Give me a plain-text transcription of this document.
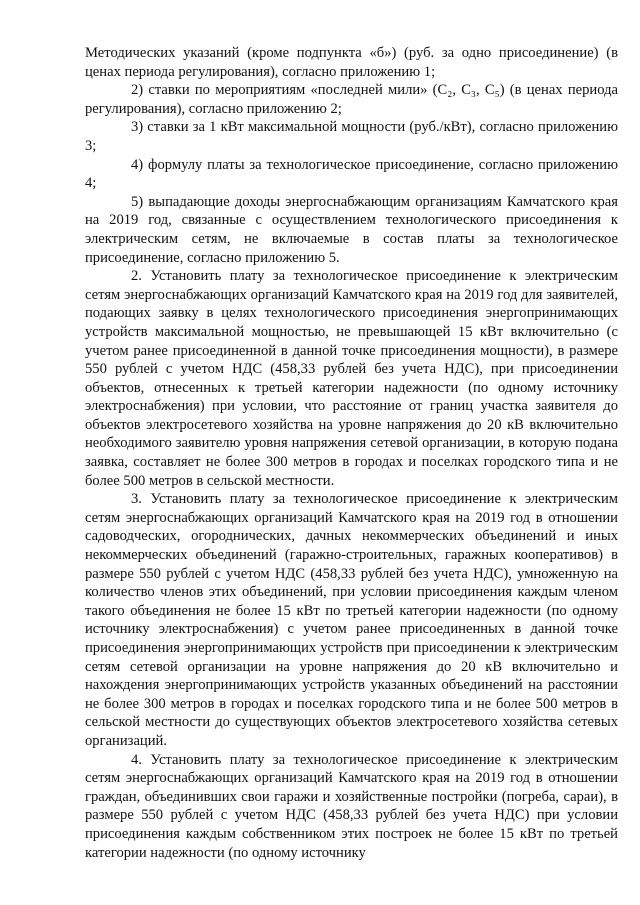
Методических указаний (кроме подпункта «б») (руб. за одно присоединение) (в ценах периода регулирования), согласно приложению 1;

2) ставки по мероприятиям «последней мили» (C₂, C₃, C₅) (в ценах периода регулирования), согласно приложению 2;

3) ставки за 1 кВт максимальной мощности (руб./кВт), согласно приложению 3;

4) формулу платы за технологическое присоединение, согласно приложению 4;

5) выпадающие доходы энергоснабжающим организациям Камчатского края на 2019 год, связанные с осуществлением технологического присоединения к электрическим сетям, не включаемые в состав платы за технологическое присоединение, согласно приложению 5.

2. Установить плату за технологическое присоединение к электрическим сетям энергоснабжающих организаций Камчатского края на 2019 год для заявителей, подающих заявку в целях технологического присоединения энергопринимающих устройств максимальной мощностью, не превышающей 15 кВт включительно (с учетом ранее присоединенной в данной точке присоединения мощности), в размере 550 рублей с учетом НДС (458,33 рублей без учета НДС), при присоединении объектов, отнесенных к третьей категории надежности (по одному источнику электроснабжения) при условии, что расстояние от границ участка заявителя до объектов электросетевого хозяйства на уровне напряжения до 20 кВ включительно необходимого заявителю уровня напряжения сетевой организации, в которую подана заявка, составляет не более 300 метров в городах и поселках городского типа и не более 500 метров в сельской местности.

3. Установить плату за технологическое присоединение к электрическим сетям энергоснабжающих организаций Камчатского края на 2019 год в отношении садоводческих, огороднических, дачных некоммерческих объединений и иных некоммерческих объединений (гаражно-строительных, гаражных кооперативов) в размере 550 рублей с учетом НДС (458,33 рублей без учета НДС), умноженную на количество членов этих объединений, при условии присоединения каждым членом такого объединения не более 15 кВт по третьей категории надежности (по одному источнику электроснабжения) с учетом ранее присоединенных в данной точке присоединения энергопринимающих устройств при присоединении к электрическим сетям сетевой организации на уровне напряжения до 20 кВ включительно и нахождения энергопринимающих устройств указанных объединений на расстоянии не более 300 метров в городах и поселках городского типа и не более 500 метров в сельской местности до существующих объектов электросетевого хозяйства сетевых организаций.

4. Установить плату за технологическое присоединение к электрическим сетям энергоснабжающих организаций Камчатского края на 2019 год в отношении граждан, объединивших свои гаражи и хозяйственные постройки (погреба, сараи), в размере 550 рублей с учетом НДС (458,33 рублей без учета НДС) при условии присоединения каждым собственником этих построек не более 15 кВт по третьей категории надежности (по одному источнику
